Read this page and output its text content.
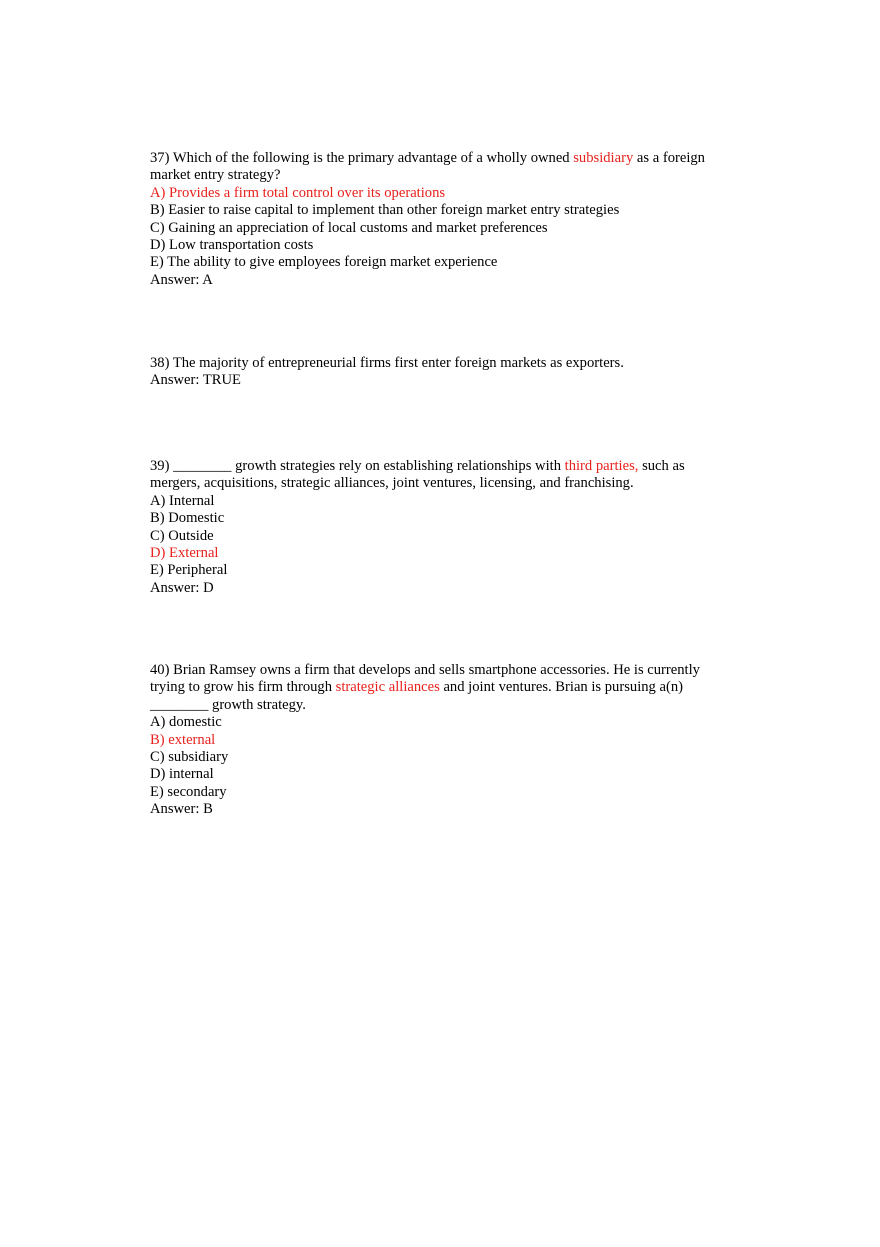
37) Which of the following is the primary advantage of a wholly owned subsidiary as a foreign
market entry strategy?
A) Provides a firm total control over its operations
B) Easier to raise capital to implement than other foreign market entry strategies
C) Gaining an appreciation of local customs and market preferences
D) Low transportation costs
E) The ability to give employees foreign market experience
Answer: A
38) The majority of entrepreneurial firms first enter foreign markets as exporters.
Answer: TRUE
39) ________ growth strategies rely on establishing relationships with third parties, such as
mergers, acquisitions, strategic alliances, joint ventures, licensing, and franchising.
A) Internal
B) Domestic
C) Outside
D) External
E) Peripheral
Answer: D
40) Brian Ramsey owns a firm that develops and sells smartphone accessories. He is currently
trying to grow his firm through strategic alliances and joint ventures. Brian is pursuing a(n)
________ growth strategy.
A) domestic
B) external
C) subsidiary
D) internal
E) secondary
Answer: B
